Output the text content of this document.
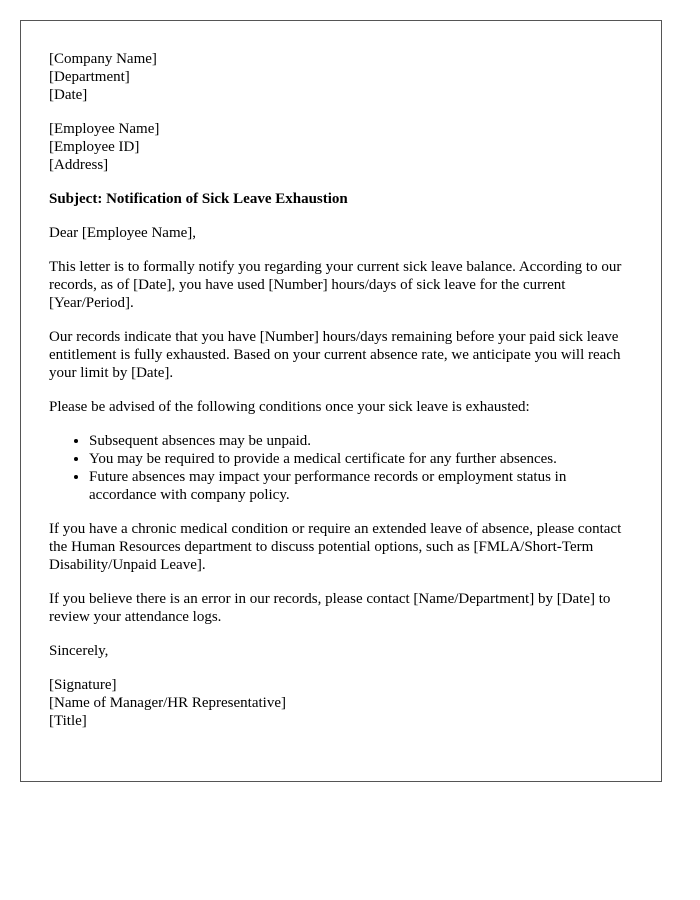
[Company Name]
[Department]
[Date]
[Employee Name]
[Employee ID]
[Address]
Subject: Notification of Sick Leave Exhaustion

Dear [Employee Name],

This letter is to formally notify you regarding your current sick leave balance. According to our records, as of [Date], you have used [Number] hours/days of sick leave for the current [Year/Period].

Our records indicate that you have [Number] hours/days remaining before your paid sick leave entitlement is fully exhausted. Based on your current absence rate, we anticipate you will reach your limit by [Date].

Please be advised of the following conditions once your sick leave is exhausted:

• Subsequent absences may be unpaid.
• You may be required to provide a medical certificate for any further absences.
• Future absences may impact your performance records or employment status in accordance with company policy.

If you have a chronic medical condition or require an extended leave of absence, please contact the Human Resources department to discuss potential options, such as [FMLA/Short-Term Disability/Unpaid Leave].

If you believe there is an error in our records, please contact [Name/Department] by [Date] to review your attendance logs.

Sincerely,

[Signature]
[Name of Manager/HR Representative]
[Title]
